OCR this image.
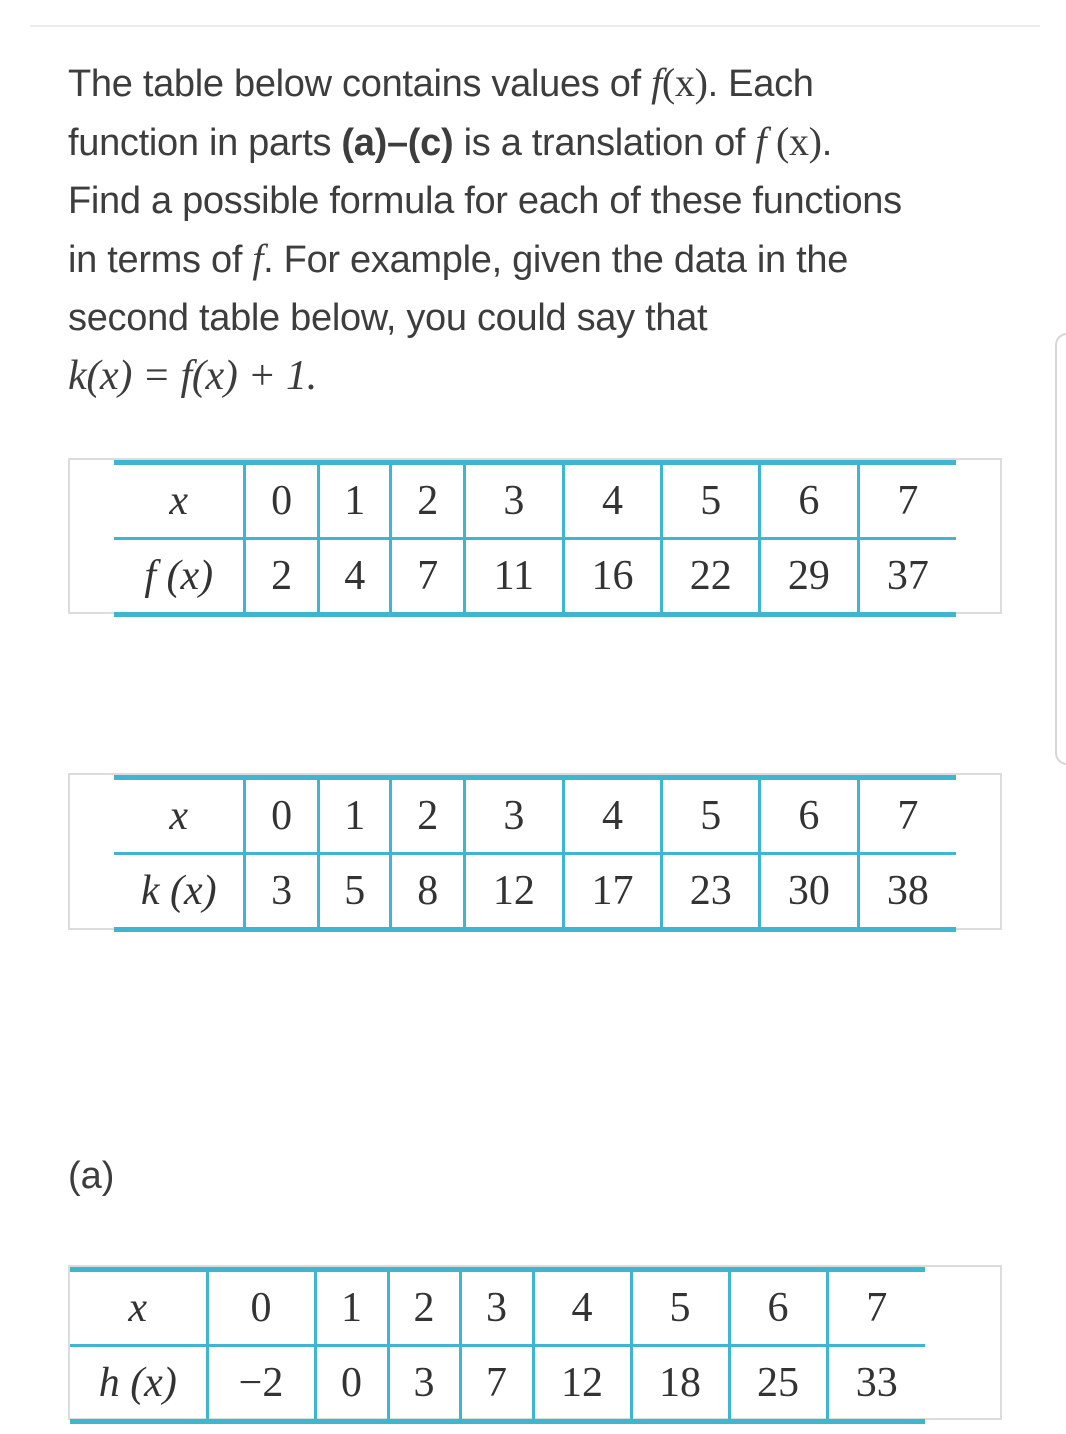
The table below contains values of f(x). Each
function in parts (a)–(c) is a translation of f (x).
Find a possible formula for each of these functions
in terms of f. For example, given the data in the
second table below, you could say that
k(x) = f(x) + 1.
x	0	1	2	3	4	5	6	7
f (x)	2	4	7	11	16	22	29	37
x	0	1	2	3	4	5	6	7
k (x)	3	5	8	12	17	23	30	38
(a)
x	0	1	2	3	4	5	6	7
h (x)	−2	0	3	7	12	18	25	33
